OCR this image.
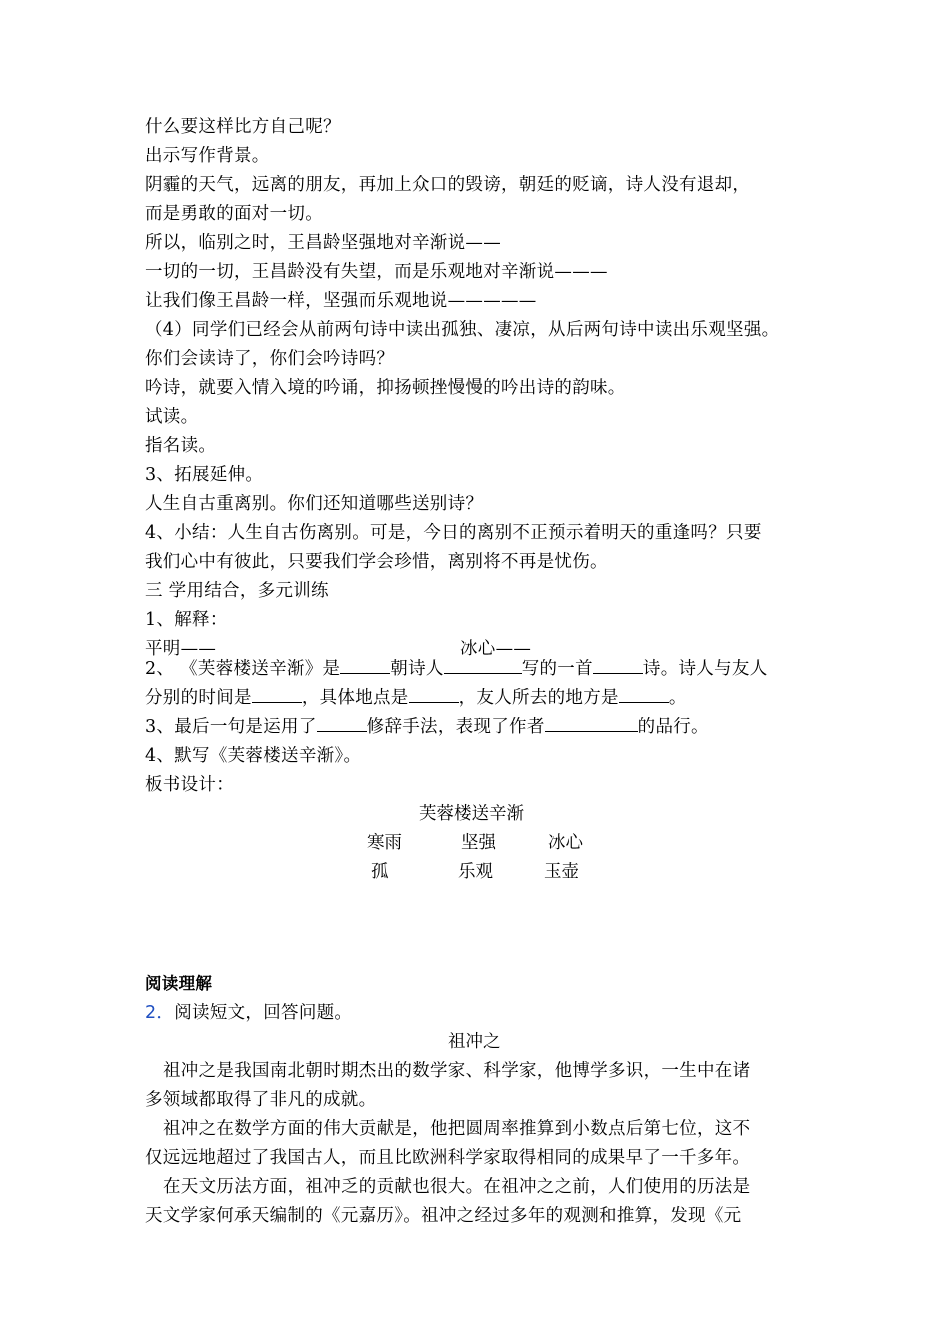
什么要这样比方自己呢？
出示写作背景。
阴霾的天气，远离的朋友，再加上众口的毁谤，朝廷的贬谪，诗人没有退却，
而是勇敢的面对一切。
所以，临别之时，王昌龄坚强地对辛渐说——
一切的一切，王昌龄没有失望，而是乐观地对辛渐说———
让我们像王昌龄一样，坚强而乐观地说—————
（4）同学们已经会从前两句诗中读出孤独、凄凉，从后两句诗中读出乐观坚强。
你们会读诗了，你们会吟诗吗？
吟诗，就要入情入境的吟诵，抑扬顿挫慢慢的吟出诗的韵味。
试读。
指名读。
3、拓展延伸。
人生自古重离别。你们还知道哪些送别诗？
4、小结：人生自古伤离别。可是，今日的离别不正预示着明天的重逢吗？只要
我们心中有彼此，只要我们学会珍惜，离别将不再是忧伤。
三 学用结合，多元训练
1、解释：
平明——	冰心——
2、 《芙蓉楼送辛渐》是	朝诗人	写的一首	诗。诗人与友人
分别的时间是	，具体地点是	，友人所去的地方是	。
3、最后一句是运用了	修辞手法，表现了作者	的品行。
4、默写《芙蓉楼送辛渐》。
板书设计：
芙蓉楼送辛渐
寒雨	坚强	冰心
孤	乐观	玉壶
阅读理解
2．阅读短文，回答问题。
祖冲之
祖冲之是我国南北朝时期杰出的数学家、科学家，他博学多识，一生中在诸
多领域都取得了非凡的成就。
祖冲之在数学方面的伟大贡献是，他把圆周率推算到小数点后第七位，这不
仅远远地超过了我国古人，而且比欧洲科学家取得相同的成果早了一千多年。
在天文历法方面，祖冲乏的贡献也很大。在祖冲之之前，人们使用的历法是
天文学家何承天编制的《元嘉历》。祖冲之经过多年的观测和推算，发现《元
